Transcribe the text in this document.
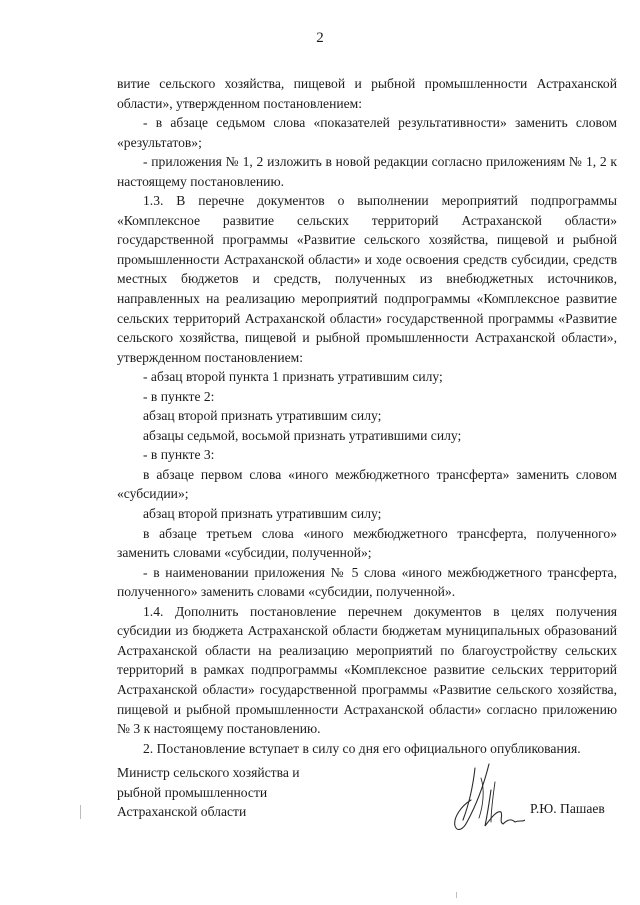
2

витие сельского хозяйства, пищевой и рыбной промышленности Астраханской области», утвержденном постановлением:

- в абзаце седьмом слова «показателей результативности» заменить словом «результатов»;

- приложения № 1, 2 изложить в новой редакции согласно приложениям № 1, 2 к настоящему постановлению.

1.3. В перечне документов о выполнении мероприятий подпрограммы «Комплексное развитие сельских территорий Астраханской области» государственной программы «Развитие сельского хозяйства, пищевой и рыбной промышленности Астраханской области» и ходе освоения средств субсидии, средств местных бюджетов и средств, полученных из внебюджетных источников, направленных на реализацию мероприятий подпрограммы «Комплексное развитие сельских территорий Астраханской области» государственной программы «Развитие сельского хозяйства, пищевой и рыбной промышленности Астраханской области», утвержденном постановлением:

- абзац второй пункта 1 признать утратившим силу;

- в пункте 2:

абзац второй признать утратившим силу;

абзацы седьмой, восьмой признать утратившими силу;

- в пункте 3:

в абзаце первом слова «иного межбюджетного трансферта» заменить словом «субсидии»;

абзац второй признать утратившим силу;

в абзаце третьем слова «иного межбюджетного трансферта, полученного» заменить словами «субсидии, полученной»;

- в наименовании приложения № 5 слова «иного межбюджетного трансферта, полученного» заменить словами «субсидии, полученной».

1.4. Дополнить постановление перечнем документов в целях получения субсидии из бюджета Астраханской области бюджетам муниципальных образований Астраханской области на реализацию мероприятий по благоустройству сельских территорий в рамках подпрограммы «Комплексное развитие сельских территорий Астраханской области» государственной программы «Развитие сельского хозяйства, пищевой и рыбной промышленности Астраханской области» согласно приложению № 3 к настоящему постановлению.

2. Постановление вступает в силу со дня его официального опубликования.

Министр сельского хозяйства и
рыбной промышленности
Астраханской области	Р.Ю. Пашаев
